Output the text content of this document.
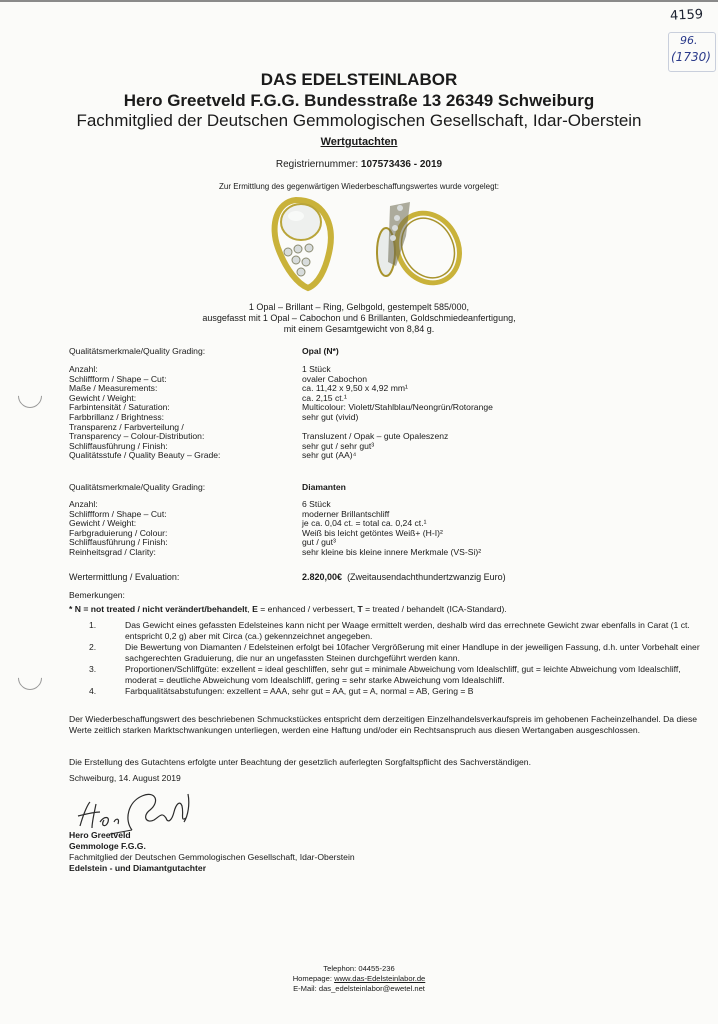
4159
96.
(1730)
DAS EDELSTEINLABOR
Hero Greetveld F.G.G. Bundesstraße 13 26349 Schweiburg
Fachmitglied der Deutschen Gemmologischen Gesellschaft, Idar-Oberstein
Wertgutachten
Registriernummer: 107573436 - 2019
Zur Ermittlung des gegenwärtigen Wiederbeschaffungswertes wurde vorgelegt:
1 Opal – Brillant – Ring, Gelbgold, gestempelt 585/000,
ausgefasst mit 1 Opal – Cabochon und 6 Brillanten, Goldschmiedeanfertigung,
mit einem Gesamtgewicht von 8,84 g.
Qualitätsmerkmale/Quality Grading:	Opal (N*)
Anzahl:	1 Stück
Schliffform / Shape – Cut:	ovaler Cabochon
Maße / Measurements:	ca. 11,42 x 9,50 x 4,92 mm¹
Gewicht / Weight:	ca. 2,15 ct.¹
Farbintensität / Saturation:	Multicolour: Violett/Stahlblau/Neongrün/Rotorange
Farbbrillanz / Brightness:	sehr gut (vivid)
Transparenz / Farbverteilung /

Transparency – Colour-Distribution:	Transluzent / Opak – gute Opaleszenz
Schliffausführung / Finish:	sehr gut / sehr gut³
Qualitätsstufe / Quality Beauty – Grade:	sehr gut (AA)⁴
Qualitätsmerkmale/Quality Grading:	Diamanten
Anzahl:	6 Stück
Schliffform / Shape – Cut:	moderner Brillantschliff
Gewicht / Weight:	je ca. 0,04 ct. = total ca. 0,24 ct.¹
Farbgraduierung / Colour:	Weiß bis leicht getöntes Weiß+ (H-I)²
Schliffausführung / Finish:	gut / gut³
Reinheitsgrad / Clarity:	sehr kleine bis kleine innere Merkmale (VS-Si)²
Wertermittlung / Evaluation:	2.820,00€ (Zweitausendachthundertzwanzig Euro)
Bemerkungen:
* N = not treated / nicht verändert/behandelt, E = enhanced / verbessert, T = treated / behandelt (ICA-Standard).
1.	Das Gewicht eines gefassten Edelsteines kann nicht per Waage ermittelt werden, deshalb wird das errechnete Gewicht zwar ebenfalls in Carat (1 ct. entspricht 0,2 g) aber mit Circa (ca.) gekennzeichnet angegeben.
2.	Die Bewertung von Diamanten / Edelsteinen erfolgt bei 10facher Vergrößerung mit einer Handlupe in der jeweiligen Fassung, d.h. unter Vorbehalt einer sachgerechten Graduierung, die nur an ungefassten Steinen durchgeführt werden kann.
3.	Proportionen/Schliffgüte: exzellent = ideal geschliffen, sehr gut = minimale Abweichung vom Idealschliff, gut = leichte Abweichung vom Idealschliff, moderat = deutliche Abweichung vom Idealschliff, gering = sehr starke Abweichung vom Idealschliff.
4.	Farbqualitätsabstufungen: exzellent = AAA, sehr gut = AA, gut = A, normal = AB, Gering = B
Der Wiederbeschaffungswert des beschriebenen Schmuckstückes entspricht dem derzeitigen Einzelhandelsverkaufspreis im gehobenen Facheinzelhandel. Da diese Werte zeitlich starken Marktschwankungen unterliegen, werden eine Haftung und/oder ein Rechtsanspruch aus diesen Wertangaben ausgeschlossen.
Die Erstellung des Gutachtens erfolgte unter Beachtung der gesetzlich auferlegten Sorgfaltspflicht des Sachverständigen.
Schweiburg, 14. August 2019
Hero Greetveld
Gemmologe F.G.G.
Fachmitglied der Deutschen Gemmologischen Gesellschaft, Idar-Oberstein
Edelstein - und Diamantgutachter
Telephon: 04455-236
Homepage: www.das-Edelsteinlabor.de
E-Mail: das_edelsteinlabor@ewetel.net
